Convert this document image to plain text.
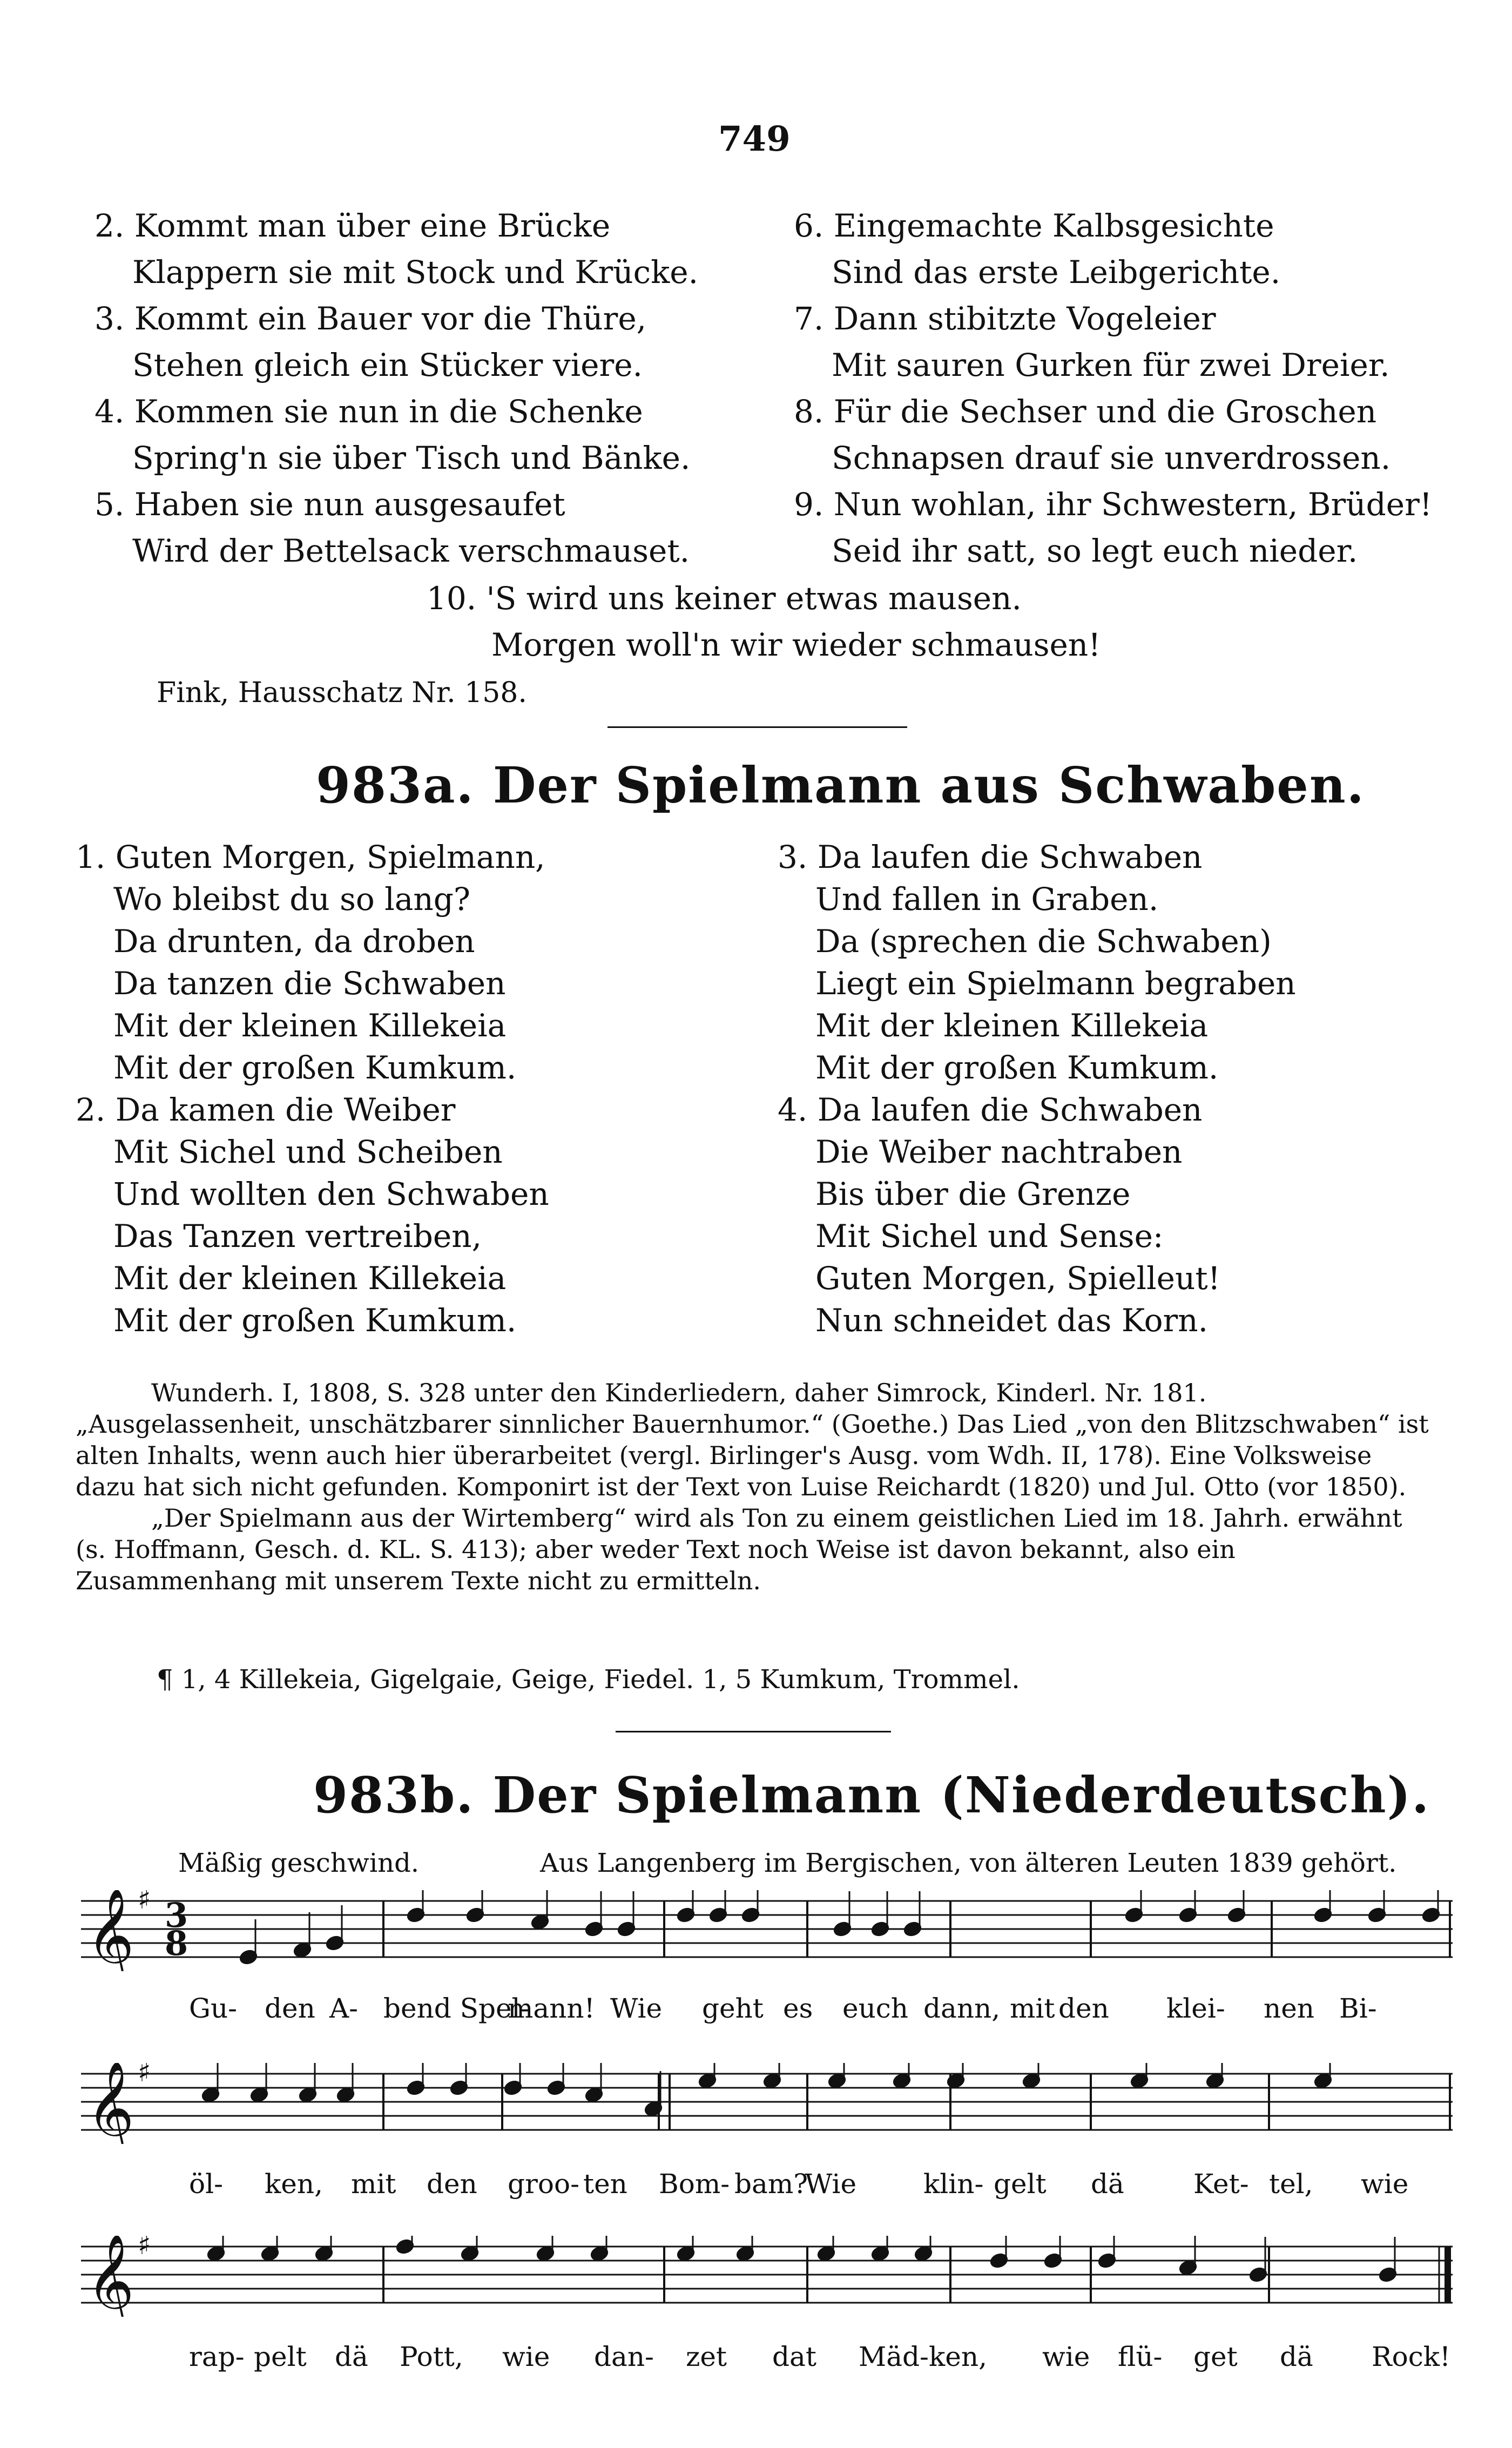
749
2. Kommt man über eine Brücke
Klappern sie mit Stock und Krücke.
3. Kommt ein Bauer vor die Thüre,
Stehen gleich ein Stücker viere.
4. Kommen sie nun in die Schenke
Spring'n sie über Tisch und Bänke.
5. Haben sie nun ausgesaufet
Wird der Bettelsack verschmauset.
6. Eingemachte Kalbsgesichte
Sind das erste Leibgerichte.
7. Dann stibitzte Vogeleier
Mit sauren Gurken für zwei Dreier.
8. Für die Sechser und die Groschen
Schnapsen drauf sie unverdrossen.
9. Nun wohlan, ihr Schwestern, Brüder!
Seid ihr satt, so legt euch nieder.
10. 'S wird uns keiner etwas mausen.
Morgen woll'n wir wieder schmausen!
Fink, Hausschatz Nr. 158.
983a. Der Spielmann aus Schwaben.
1. Guten Morgen, Spielmann,
Wo bleibst du so lang?
Da drunten, da droben
Da tanzen die Schwaben
Mit der kleinen Killekeia
Mit der großen Kumkum.
2. Da kamen die Weiber
Mit Sichel und Scheiben
Und wollten den Schwaben
Das Tanzen vertreiben,
Mit der kleinen Killekeia
Mit der großen Kumkum.
3. Da laufen die Schwaben
Und fallen in Graben.
Da (sprechen die Schwaben)
Liegt ein Spielmann begraben
Mit der kleinen Killekeia
Mit der großen Kumkum.
4. Da laufen die Schwaben
Die Weiber nachtraben
Bis über die Grenze
Mit Sichel und Sense:
Guten Morgen, Spielleut!
Nun schneidet das Korn.

Wunderh. I, 1808, S. 328 unter den Kinderliedern, daher Simrock, Kinderl. Nr. 181. „Ausgelassenheit, unschätzbarer sinnlicher Bauernhumor.“ (Goethe.) Das Lied „von den Blitzschwaben“ ist alten Inhalts, wenn auch hier überarbeitet (vergl. Birlinger's Ausg. vom Wdh. II, 178). Eine Volksweise dazu hat sich nicht gefunden. Komponirt ist der Text von Luise Reichardt (1820) und Jul. Otto (vor 1850).

„Der Spielmann aus der Wirtemberg“ wird als Ton zu einem geistlichen Lied im 18. Jahrh. erwähnt (s. Hoffmann, Gesch. d. KL. S. 413); aber weder Text noch Weise ist davon bekannt, also ein Zusammenhang mit unserem Texte nicht zu ermitteln.

¶ 1, 4 Killekeia, Gigelgaie, Geige, Fiedel. 1, 5 Kumkum, Trommel.
983b. Der Spielmann (Niederdeutsch).
Mäßig geschwind.	Aus Langenberg im Bergischen, von älteren Leuten 1839 gehört.
𝄞 ♯ 3
8
Gu- den A- bend Spel-
mann! Wie geht es euch dann, mit den klei- nen Bi-
𝄞 ♯
öl- ken, mit den groo- ten Bom- bam?
Wie klin- gelt dä	Ket- tel, wie
𝄞 ♯
rap- pelt dä Pott, wie dan- zet dat Mäd- ken, wie flü- get dä Rock!
